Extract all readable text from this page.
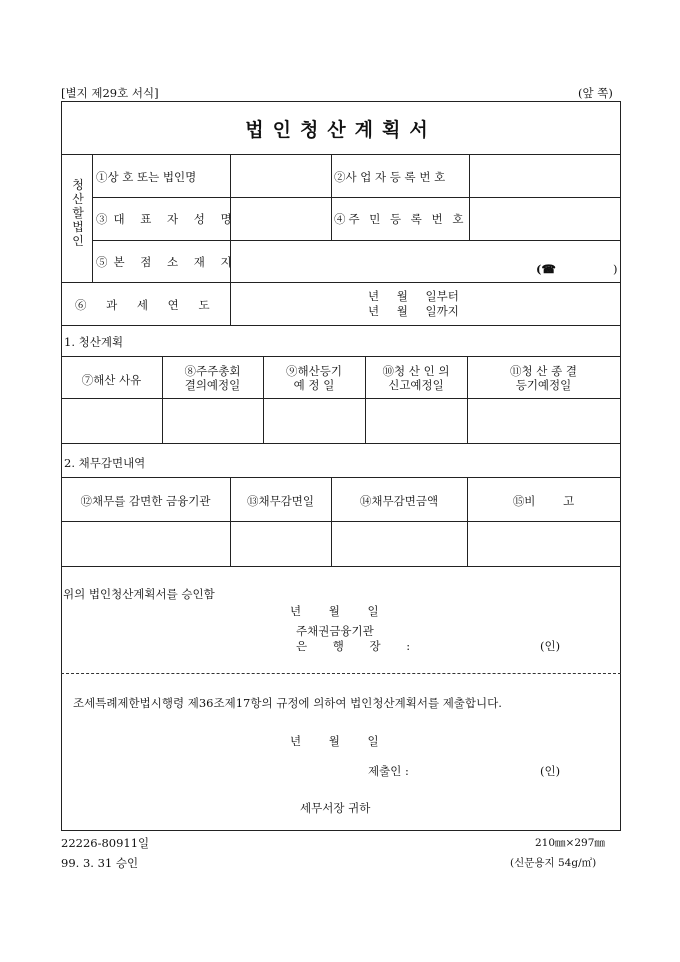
[별지 제29호 서식]	(앞 쪽)
법인청산계획서
청산할법인
①상 호 또는 법인명	②사 업 자 등 록 번 호
③대 표 자 성 명	④주 민 등 록 번 호
⑤본 점 소 재 지	(☎	)
⑥ 과 세 연 도
년 월 일부터
년 월 일까지
1. 청산계획
⑦해산 사유
⑧주주총회
결의예정일
⑨해산등기
예 정 일
⑩청 산 인 의
신고예정일
⑪청 산 종 결
등기예정일
2. 채무감면내역
⑫채무를 감면한 금융기관	⑬채무감면일	⑭채무감면금액	⑮비 고
위의 법인청산계획서를 승인함
년 월 일
주채권금융기관
은 행 장 :	(인)
조세특례제한법시행령 제36조제17항의 규정에 의하여 법인청산계획서를 제출합니다.
년 월 일
제출인 :	(인)
세무서장 귀하
22226-80911일
99. 3. 31 승인
210㎜×297㎜
(신문용지 54g/㎡)
